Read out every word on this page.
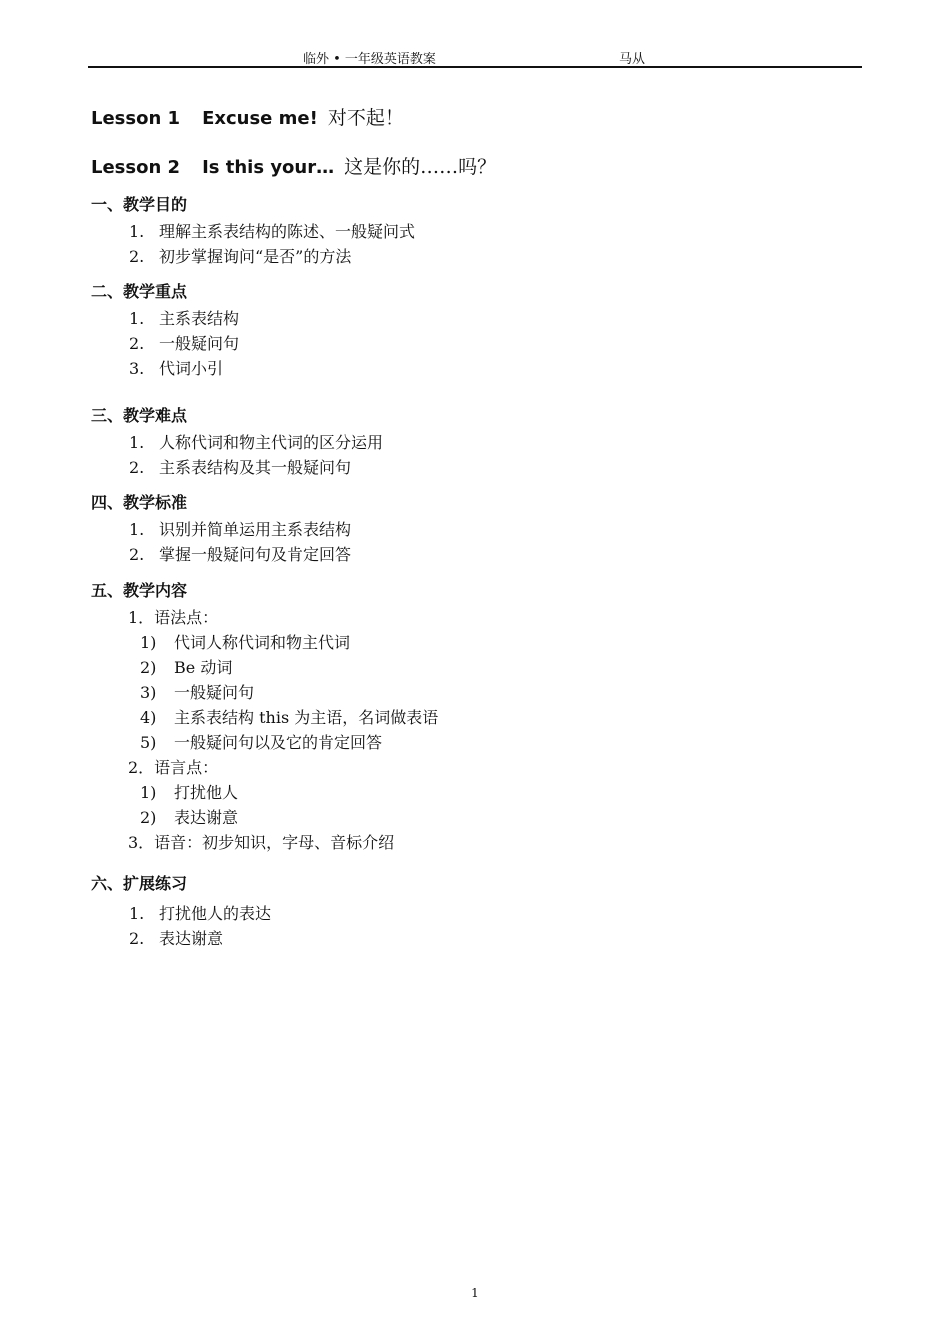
临外 • 一年级英语教案	马从
Lesson 1 Excuse me! 对不起！
Lesson 2 Is this your… 这是你的……吗？
一、教学目的
1. 理解主系表结构的陈述、一般疑问式
2. 初步掌握询问“是否”的方法
二、教学重点
1. 主系表结构
2. 一般疑问句
3. 代词小引
三、教学难点
1. 人称代词和物主代词的区分运用
2. 主系表结构及其一般疑问句
四、教学标准
1. 识别并简单运用主系表结构
2. 掌握一般疑问句及肯定回答
五、教学内容
1．语法点：
1) 代词人称代词和物主代词
2) Be 动词
3) 一般疑问句
4) 主系表结构 this 为主语，名词做表语
5) 一般疑问句以及它的肯定回答
2．语言点：
1) 打扰他人
2) 表达谢意
3．语音：初步知识，字母、音标介绍
六、扩展练习
1. 打扰他人的表达
2. 表达谢意
1
